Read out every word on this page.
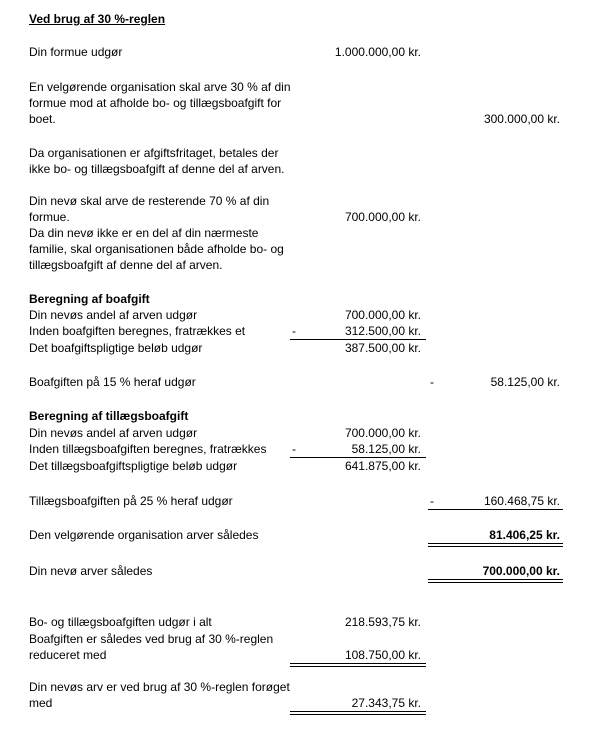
Ved brug af 30 %-reglen
Din formue udgør	1.000.000,00 kr.
En velgørende organisation skal arve 30 % af din
formue mod at afholde bo- og tillægsboafgift for
boet.	300.000,00 kr.
Da organisationen er afgiftsfritaget, betales der
ikke bo- og tillægsboafgift af denne del af arven.
Din nevø skal arve de resterende 70 % af din
formue.	700.000,00 kr.
Da din nevø ikke er en del af din nærmeste
familie, skal organisationen både afholde bo- og
tillægsboafgift af denne del af arven.
Beregning af boafgift
Din nevøs andel af arven udgør	700.000,00 kr.
Inden boafgiften beregnes, fratrækkes et	-	312.500,00 kr.
Det boafgiftspligtige beløb udgør	387.500,00 kr.
Boafgiften på 15 % heraf udgør	-	58.125,00 kr.
Beregning af tillægsboafgift
Din nevøs andel af arven udgør	700.000,00 kr.
Inden tillægsboafgiften beregnes, fratrækkes -	58.125,00 kr.
Det tillægsboafgiftspligtige beløb udgør	641.875,00 kr.
Tillægsboafgiften på 25 % heraf udgør	-	160.468,75 kr.
Den velgørende organisation arver således	81.406,25 kr.
Din nevø arver således	700.000,00 kr.
Bo- og tillægsboafgiften udgør i alt	218.593,75 kr.
Boafgiften er således ved brug af 30 %-reglen
reduceret med	108.750,00 kr.
Din nevøs arv er ved brug af 30 %-reglen forøget
med	27.343,75 kr.
